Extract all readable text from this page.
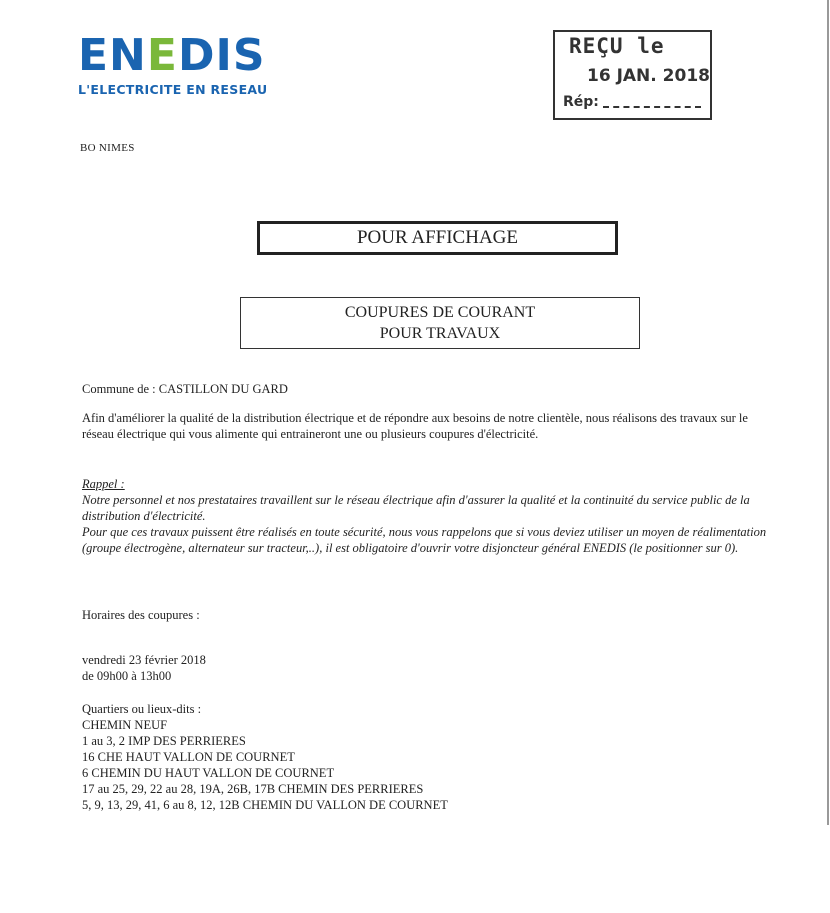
EN E DIS
L'ELECTRICITE EN RESEAU
REÇU le
16 JAN. 2018
Rép:
BO NIMES
POUR AFFICHAGE
COUPURES DE COURANT
POUR TRAVAUX
Commune de : CASTILLON DU GARD
Afin d'améliorer la qualité de la distribution électrique et de répondre aux besoins de notre clientèle, nous réalisons des travaux sur le réseau électrique qui vous alimente qui entraineront une ou plusieurs coupures d'électricité.
Rappel :
Notre personnel et nos prestataires travaillent sur le réseau électrique afin d'assurer la qualité et la continuité du service public de la distribution d'électricité.
Pour que ces travaux puissent être réalisés en toute sécurité, nous vous rappelons que si vous deviez utiliser un moyen de réalimentation (groupe électrogène, alternateur sur tracteur,..), il est obligatoire d'ouvrir votre disjoncteur général ENEDIS (le positionner sur 0).
Horaires des coupures :
vendredi 23 février 2018
de 09h00 à 13h00
Quartiers ou lieux-dits :
CHEMIN NEUF
1 au 3, 2 IMP DES PERRIERES
16 CHE HAUT VALLON DE COURNET
6 CHEMIN DU HAUT VALLON DE COURNET
17 au 25, 29, 22 au 28, 19A, 26B, 17B CHEMIN DES PERRIERES
5, 9, 13, 29, 41, 6 au 8, 12, 12B CHEMIN DU VALLON DE COURNET
